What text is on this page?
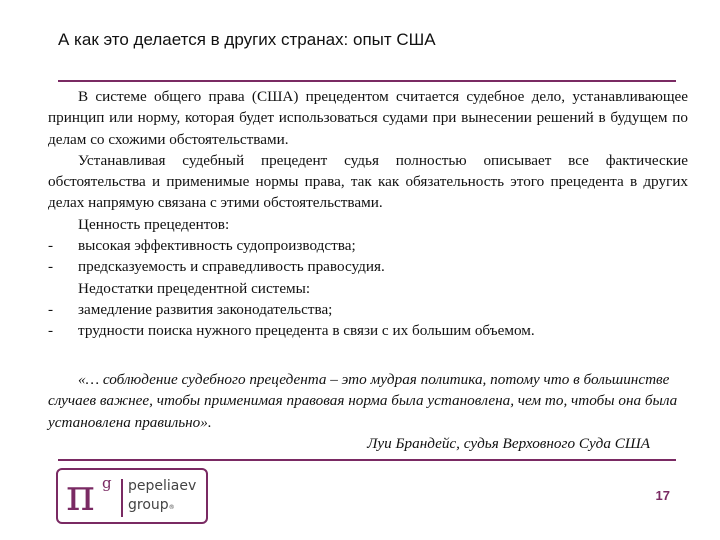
А как это делается в других странах: опыт США

В системе общего права (США) прецедентом считается судебное дело, устанавливающее принцип или норму, которая будет использоваться судами при вынесении решений в будущем по делам со схожими обстоятельствами.

Устанавливая судебный прецедент судья полностью описывает все фактические обстоятельства и применимые нормы права, так как обязательность этого прецедента в других делах напрямую связана с этими обстоятельствами.

Ценность прецедентов:

- высокая эффективность судопроизводства;
- предсказуемость и справедливость правосудия.

Недостатки прецедентной системы:

- замедление развития законодательства;
- трудности поиска нужного прецедента в связи с их большим объемом.

«… соблюдение судебного прецедента – это мудрая политика, потому что в большинстве случаев важнее, чтобы применимая правовая норма была установлена, чем то, чтобы она была установлена правильно».

Луи Брандейс, судья Верховного Суда США

π g pepeliaev
group®
17
